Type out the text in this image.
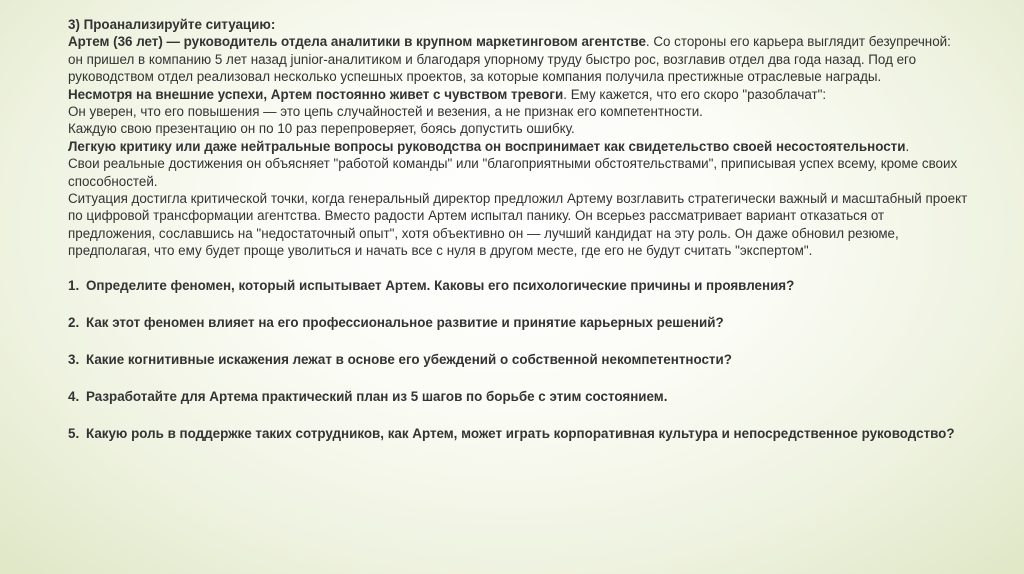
3) Проанализируйте ситуацию:

Артем (36 лет) — руководитель отдела аналитики в крупном маркетинговом агентстве. Со стороны его карьера выглядит безупречной: он пришел в компанию 5 лет назад junior-аналитиком и благодаря упорному труду быстро рос, возглавив отдел два года назад. Под его руководством отдел реализовал несколько успешных проектов, за которые компания получила престижные отраслевые награды.

Несмотря на внешние успехи, Артем постоянно живет с чувством тревоги. Ему кажется, что его скоро "разоблачат":

Он уверен, что его повышения — это цепь случайностей и везения, а не признак его компетентности.

Каждую свою презентацию он по 10 раз перепроверяет, боясь допустить ошибку.

Легкую критику или даже нейтральные вопросы руководства он воспринимает как свидетельство своей несостоятельности.

Свои реальные достижения он объясняет "работой команды" или "благоприятными обстоятельствами", приписывая успех всему, кроме своих способностей.

Ситуация достигла критической точки, когда генеральный директор предложил Артему возглавить стратегически важный и масштабный проект по цифровой трансформации агентства. Вместо радости Артем испытал панику. Он всерьез рассматривает вариант отказаться от предложения, сославшись на "недостаточный опыт", хотя объективно он — лучший кандидат на эту роль. Он даже обновил резюме, предполагая, что ему будет проще уволиться и начать все с нуля в другом месте, где его не будут считать "экспертом".

1. Определите феномен, который испытывает Артем. Каковы его психологические причины и проявления?
2. Как этот феномен влияет на его профессиональное развитие и принятие карьерных решений?
3. Какие когнитивные искажения лежат в основе его убеждений о собственной некомпетентности?
4. Разработайте для Артема практический план из 5 шагов по борьбе с этим состоянием.
5. Какую роль в поддержке таких сотрудников, как Артем, может играть корпоративная культура и непосредственное руководство?
